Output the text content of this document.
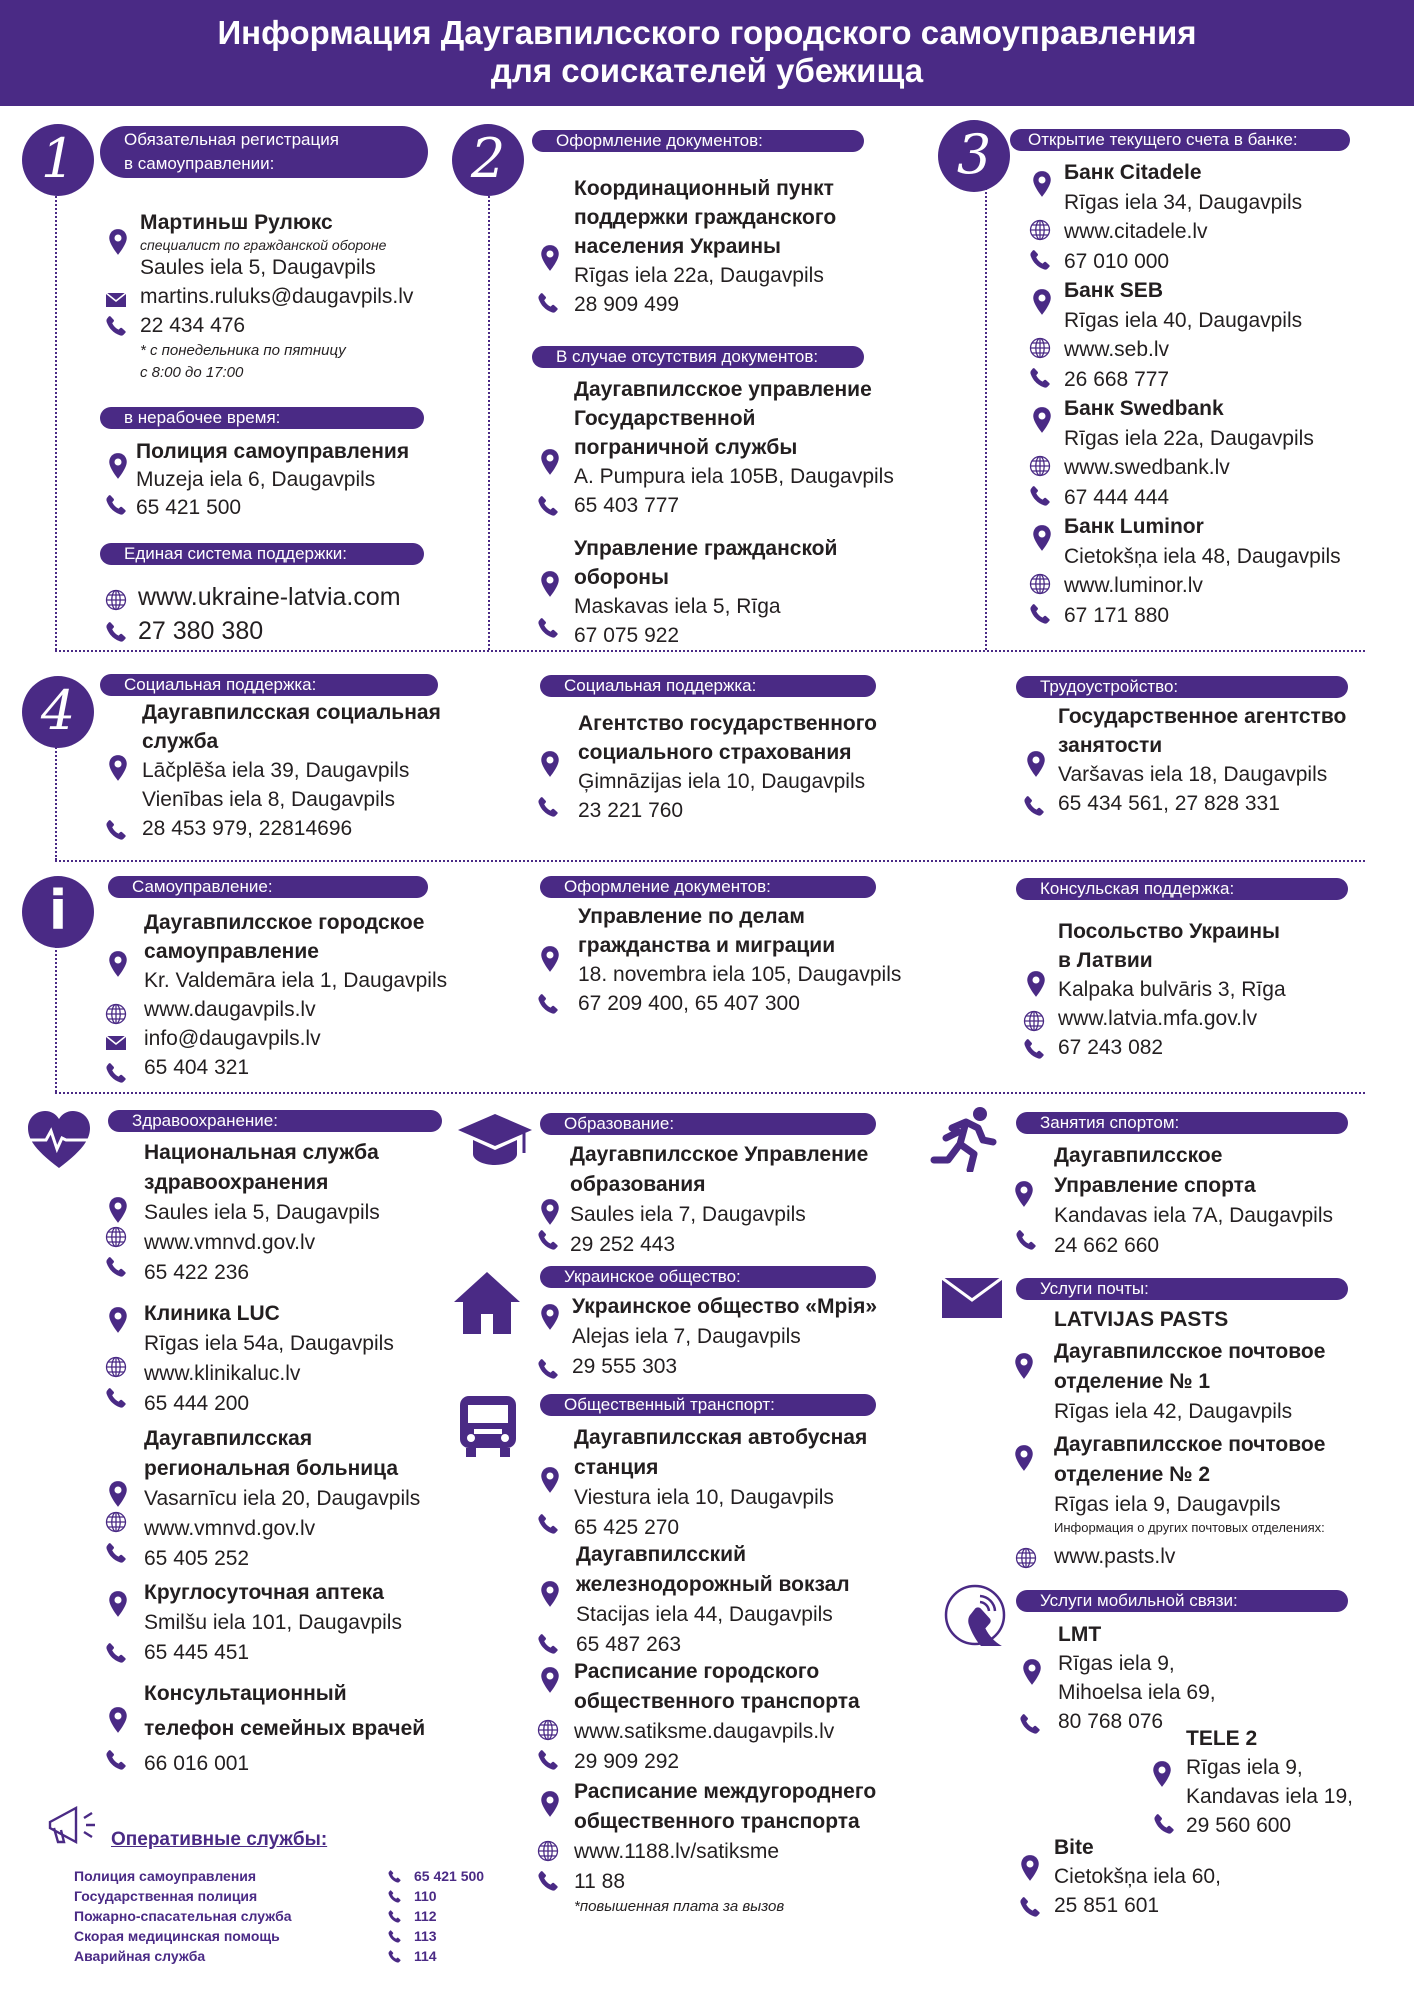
Информация Даугавпилсского городского самоуправления
для соискателей убежища
1	2	3
4
i
Обязательная регистрация
в самоуправлении:
Мартиньш Рулюкс
специалист по гражданской обороне
Saules iela 5, Daugavpils
martins.ruluks@daugavpils.lv
22 434 476
* с понедельника по пятницу
с 8:00 до 17:00
в нерабочее время:
Полиция самоуправления
Muzeja iela 6, Daugavpils
65 421 500
Единая система поддержки:
www.ukraine-latvia.com
27 380 380
Оформление документов:
Координационный пункт
поддержки гражданского
населения Украины
Rīgas iela 22a, Daugavpils
28 909 499
В случае отсутствия документов:
Даугавпилсское управление
Государственной
пограничной службы
A. Pumpura iela 105B, Daugavpils
65 403 777
Управление гражданской
обороны
Maskavas iela 5, Rīga
67 075 922
Открытие текущего счета в банке:
Банк Citadele
Rīgas iela 34, Daugavpils
www.citadele.lv
67 010 000
Банк SEB
Rīgas iela 40, Daugavpils
www.seb.lv
26 668 777
Банк Swedbank
Rīgas iela 22a, Daugavpils
www.swedbank.lv
67 444 444
Банк Luminor
Cietokšņa iela 48, Daugavpils
www.luminor.lv
67 171 880
Социальная поддержка:
Даугавпилсская социальная
служба
Lāčplēša iela 39, Daugavpils
Vienības iela 8, Daugavpils
28 453 979, 22814696
Социальная поддержка:
Агентство государственного
социального страхования
Ģimnāzijas iela 10, Daugavpils
23 221 760
Трудоустройство:
Государственное агентство
занятости
Varšavas iela 18, Daugavpils
65 434 561, 27 828 331
Самоуправление:
Даугавпилсское городское
самоуправление
Kr. Valdemāra iela 1, Daugavpils
www.daugavpils.lv
info@daugavpils.lv
65 404 321
Оформление документов:
Управление по делам
гражданства и миграции
18. novembra iela 105, Daugavpils
67 209 400, 65 407 300
Консульская поддержка:
Посольство Украины
в Латвии
Kalpaka bulvāris 3, Rīga
www.latvia.mfa.gov.lv
67 243 082
Здравоохранение:
Национальная служба
здравоохранения
Saules iela 5, Daugavpils
www.vmnvd.gov.lv
65 422 236
Клиника LUC
Rīgas iela 54a, Daugavpils
www.klinikaluc.lv
65 444 200
Даугавпилсская
региональная больница
Vasarnīcu iela 20, Daugavpils
www.vmnvd.gov.lv
65 405 252
Круглосуточная аптека
Smilšu iela 101, Daugavpils
65 445 451
Консультационный
телефон семейных врачей
66 016 001
Оперативные службы:
Полиция самоуправления	65 421 500
Государственная полиция	110
Пожарно-спасательная служба	112
Скорая медицинская помощь	113
Аварийная служба	114
Образование:
Даугавпилсское Управление
образования
Saules iela 7, Daugavpils
29 252 443
Украинское общество:
Украинское общество «Мрія»
Alejas iela 7, Daugavpils
29 555 303
Общественный транспорт:
Даугавпилсская автобусная
станция
Viestura iela 10, Daugavpils
65 425 270
Даугавпилсский
железнодорожный вокзал
Stacijas iela 44, Daugavpils
65 487 263
Расписание городского
общественного транспорта
www.satiksme.daugavpils.lv
29 909 292
Расписание междугороднего
общественного транспорта
www.1188.lv/satiksme
11 88
*повышенная плата за вызов
Занятия спортом:
Даугавпилсское
Управление спорта
Kandavas iela 7A, Daugavpils
24 662 660
Услуги почты:
LATVIJAS PASTS
Даугавпилсское почтовое
отделение № 1
Rīgas iela 42, Daugavpils
Даугавпилсское почтовое
отделение № 2
Rīgas iela 9, Daugavpils
Информация о других почтовых отделениях:
www.pasts.lv
Услуги мобильной связи:
LMT
Rīgas iela 9,
Mihoelsa iela 69,
80 768 076
TELE 2
Rīgas iela 9,
Kandavas iela 19,
29 560 600
Bite
Cietokšņa iela 60,
25 851 601
